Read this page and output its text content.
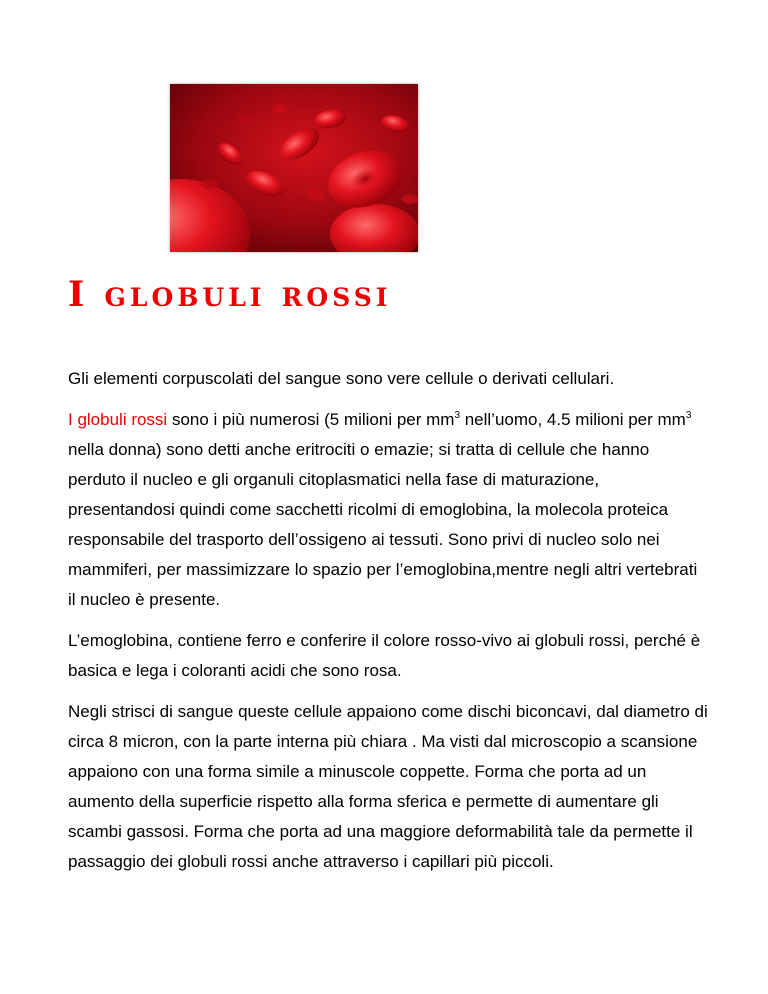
I globuli rossi

Gli elementi corpuscolati del sangue sono vere cellule o derivati cellulari.

I globuli rossi sono i più numerosi (5 milioni per $mm^3$ nell’uomo, 4.5 milioni per $mm^3$ nella donna) sono detti anche eritrociti o emazie; si tratta di cellule che hanno perduto il nucleo e gli organuli citoplasmatici nella fase di maturazione, presentandosi quindi come sacchetti ricolmi di emoglobina, la molecola proteica responsabile del trasporto dell’ossigeno ai tessuti. Sono privi di nucleo solo nei mammiferi, per massimizzare lo spazio per l’emoglobina,mentre negli altri vertebrati il nucleo è presente.

L’emoglobina, contiene ferro e conferire il colore rosso-vivo ai globuli rossi, perché è basica e lega i coloranti acidi che sono rosa.

Negli strisci di sangue queste cellule appaiono come dischi biconcavi, dal diametro di circa 8 micron, con la parte interna più chiara . Ma visti dal microscopio a scansione appaiono con una forma simile a minuscole coppette. Forma che porta ad un aumento della superficie rispetto alla forma sferica e permette di aumentare gli scambi gassosi. Forma che porta ad una maggiore deformabilità tale da permette il passaggio dei globuli rossi anche attraverso i capillari più piccoli.
